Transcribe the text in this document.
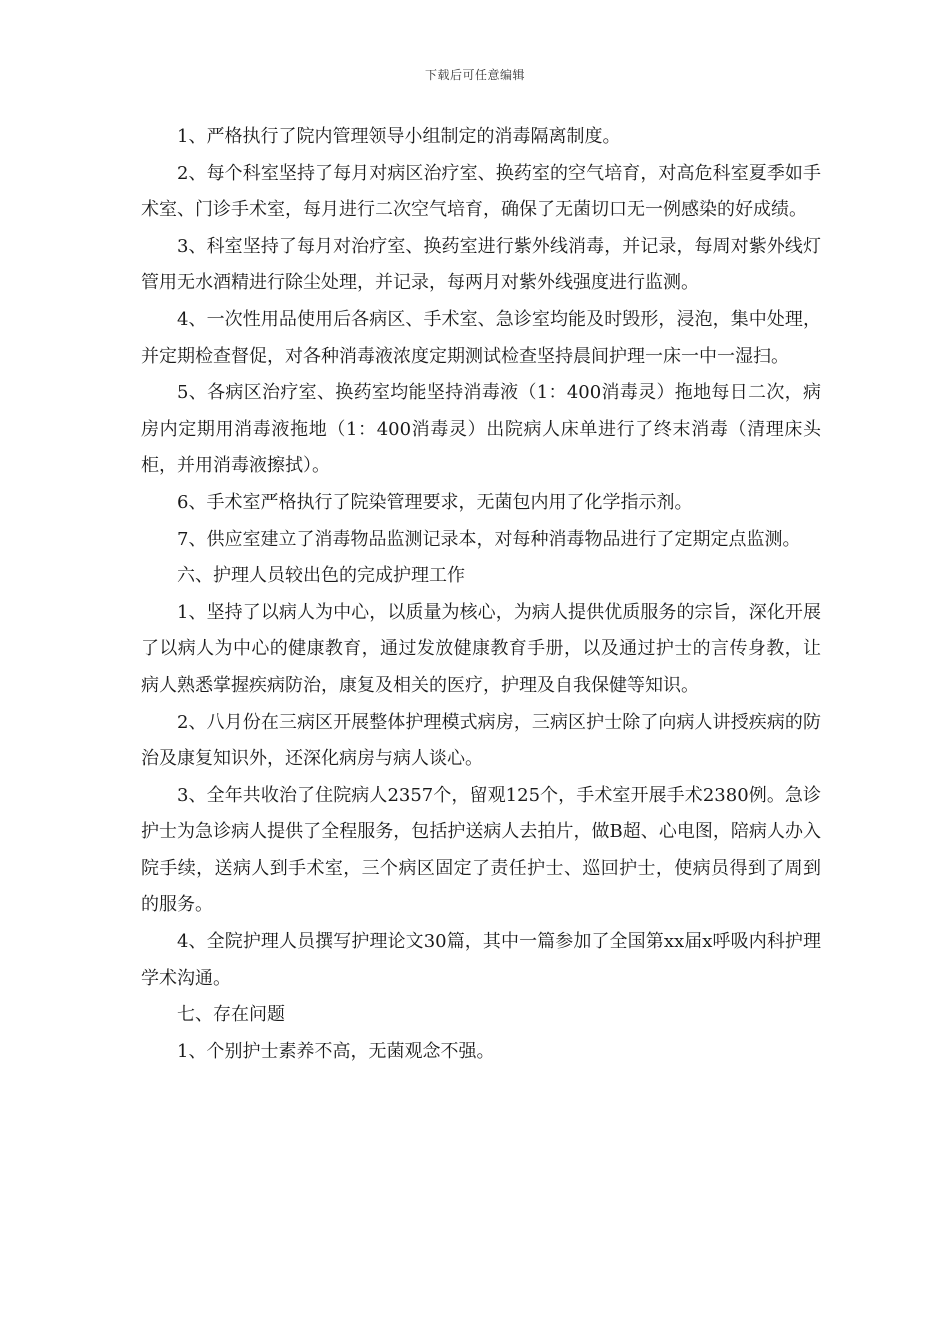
下载后可任意编辑

1、严格执行了院内管理领导小组制定的消毒隔离制度。

2、每个科室坚持了每月对病区治疗室、换药室的空气培育，对高危科室夏季如手术室、门诊手术室，每月进行二次空气培育，确保了无菌切口无一例感染的好成绩。

3、科室坚持了每月对治疗室、换药室进行紫外线消毒，并记录，每周对紫外线灯管用无水酒精进行除尘处理，并记录，每两月对紫外线强度进行监测。

4、一次性用品使用后各病区、手术室、急诊室均能及时毁形，浸泡，集中处理，并定期检查督促，对各种消毒液浓度定期测试检查坚持晨间护理一床一中一湿扫。

5、各病区治疗室、换药室均能坚持消毒液（1：400消毒灵）拖地每日二次，病房内定期用消毒液拖地（1：400消毒灵）出院病人床单进行了终末消毒（清理床头柜，并用消毒液擦拭）。

6、手术室严格执行了院染管理要求，无菌包内用了化学指示剂。

7、供应室建立了消毒物品监测记录本，对每种消毒物品进行了定期定点监测。

六、护理人员较出色的完成护理工作

1、坚持了以病人为中心，以质量为核心，为病人提供优质服务的宗旨，深化开展了以病人为中心的健康教育，通过发放健康教育手册，以及通过护士的言传身教，让病人熟悉掌握疾病防治，康复及相关的医疗，护理及自我保健等知识。

2、八月份在三病区开展整体护理模式病房，三病区护士除了向病人讲授疾病的防治及康复知识外，还深化病房与病人谈心。

3、全年共收治了住院病人2357个，留观125个，手术室开展手术2380例。急诊护士为急诊病人提供了全程服务，包括护送病人去拍片，做B超、心电图，陪病人办入院手续，送病人到手术室，三个病区固定了责任护士、巡回护士，使病员得到了周到的服务。

4、全院护理人员撰写护理论文30篇，其中一篇参加了全国第xx届x呼吸内科护理学术沟通。

七、存在问题

1、个别护士素养不高，无菌观念不强。
